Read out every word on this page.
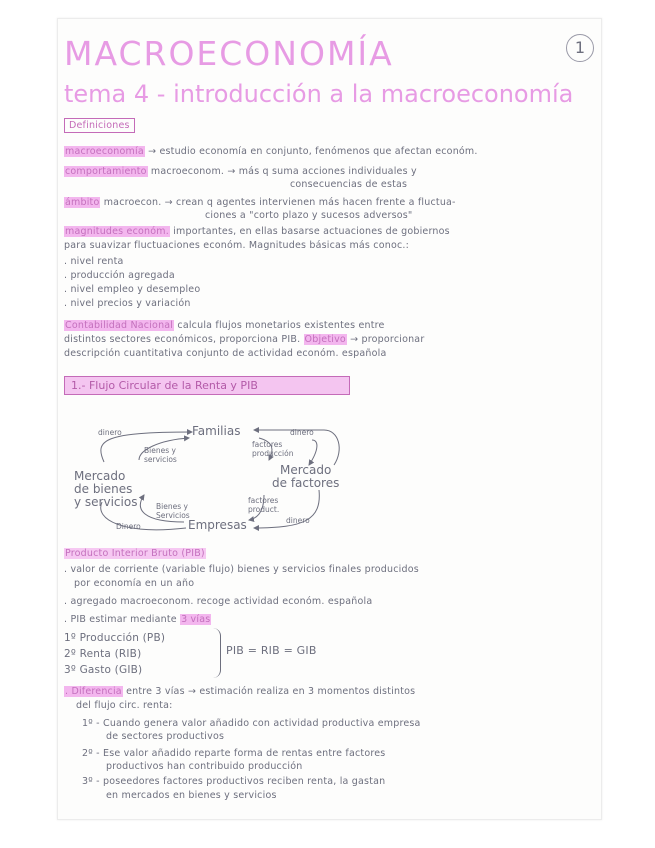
MACROECONOMÍA	1
tema 4 - introducción a la macroeconomía
Definiciones
macroeconomía → estudio economía en conjunto, fenómenos que afectan económ.
comportamiento macroeconom. → más q suma acciones individuales y
consecuencias de estas
ámbito macroecon. → crean q agentes intervienen más hacen frente a fluctua-
ciones a "corto plazo y sucesos adversos"
magnitudes económ. importantes, en ellas basarse actuaciones de gobiernos
para suavizar fluctuaciones económ. Magnitudes básicas más conoc.:
. nivel renta
. producción agregada
. nivel empleo y desempleo
. nivel precios y variación
Contabilidad Nacional calcula flujos monetarios existentes entre
distintos sectores económicos, proporciona PIB. Objetivo → proporcionar
descripción cuantitativa conjunto de actividad económ. española
1.- Flujo Circular de la Renta y PIB
Familias
Empresas
Mercado
de bienes
y servicios
Mercado
de factores
dinero	dinero
Dinero
dinero
Bienes y
servicios
factores
producción
Bienes y
Servicios
factores
product.
Producto Interior Bruto (PIB)
. valor de corriente (variable flujo) bienes y servicios finales producidos
por economía en un año
. agregado macroeconom. recoge actividad económ. española
. PIB estimar mediante 3 vías
1º Producción (PB)
2º Renta (RIB)
3º Gasto (GIB)
PIB = RIB = GIB
. Diferencia entre 3 vías → estimación realiza en 3 momentos distintos
del flujo circ. renta:
1º - Cuando genera valor añadido con actividad productiva empresa
de sectores productivos
2º - Ese valor añadido reparte forma de rentas entre factores
productivos han contribuido producción
3º - poseedores factores productivos reciben renta, la gastan
en mercados en bienes y servicios
